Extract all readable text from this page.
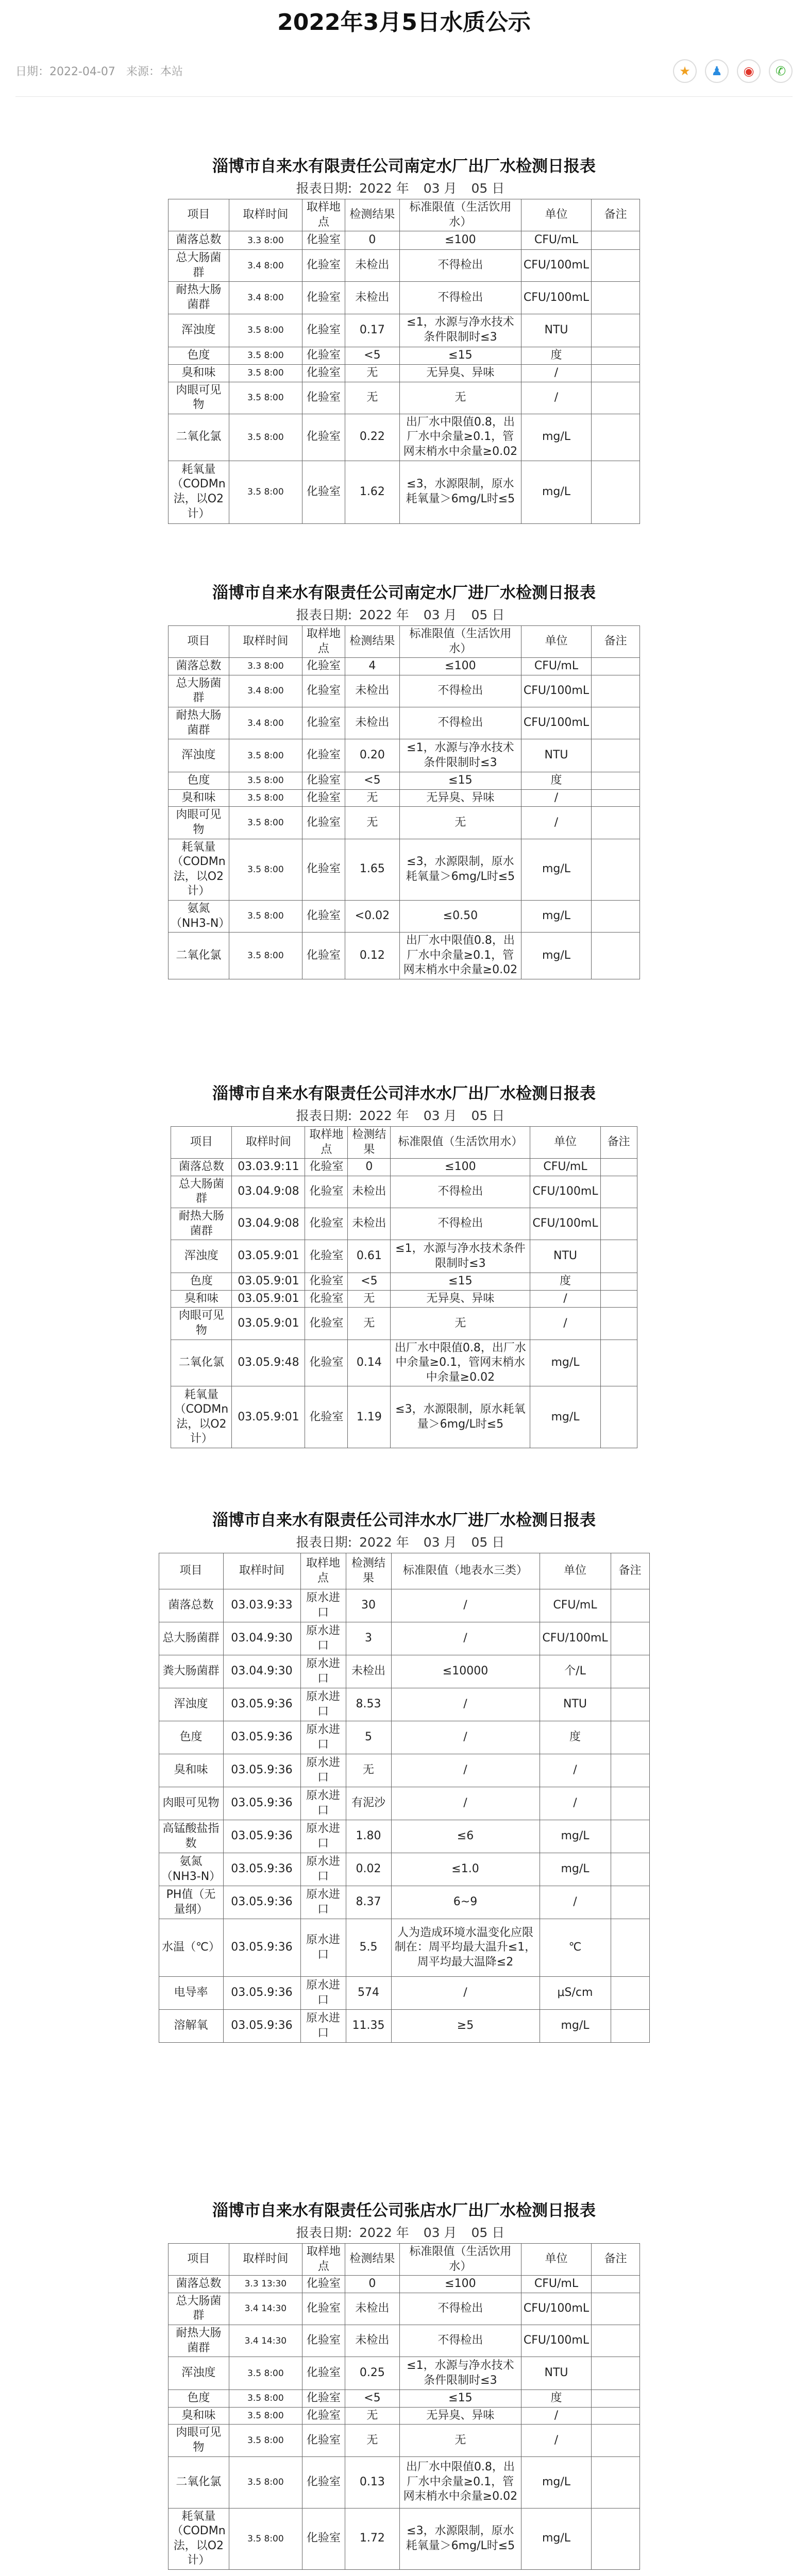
2022年3月5日水质公示
日期：2022-04-07 来源：本站	★	♟	◉	✆
淄博市自来水有限责任公司南定水厂出厂水检测日报表
报表日期: 2022 年 03 月 05 日
项目	取样时间	取样地点	检测结果	标准限值（生活饮用水）	单位	备注
菌落总数	3.3 8:00	化验室	0	≤100	CFU/mL	
总大肠菌群	3.4 8:00	化验室	未检出	不得检出	CFU/100mL	
耐热大肠菌群	3.4 8:00	化验室	未检出	不得检出	CFU/100mL	
浑浊度	3.5 8:00	化验室	0.17	≤1，水源与净水技术条件限制时≤3	NTU	
色度	3.5 8:00	化验室	<5	≤15	度	
臭和味	3.5 8:00	化验室	无	无异臭、异味	/	
肉眼可见物	3.5 8:00	化验室	无	无	/	
二氧化氯	3.5 8:00	化验室	0.22	出厂水中限值0.8，出厂水中余量≥0.1，管网末梢水中余量≥0.02	mg/L	
耗氧量（CODMn法，以O2计）	3.5 8:00	化验室	1.62	≤3，水源限制，原水耗氧量＞6mg/L时≤5	mg/L	
淄博市自来水有限责任公司南定水厂进厂水检测日报表
报表日期: 2022 年 03 月 05 日
项目	取样时间	取样地点	检测结果	标准限值（生活饮用水）	单位	备注
菌落总数	3.3 8:00	化验室	4	≤100	CFU/mL	
总大肠菌群	3.4 8:00	化验室	未检出	不得检出	CFU/100mL	
耐热大肠菌群	3.4 8:00	化验室	未检出	不得检出	CFU/100mL	
浑浊度	3.5 8:00	化验室	0.20	≤1，水源与净水技术条件限制时≤3	NTU	
色度	3.5 8:00	化验室	<5	≤15	度	
臭和味	3.5 8:00	化验室	无	无异臭、异味	/	
肉眼可见物	3.5 8:00	化验室	无	无	/	
耗氧量（CODMn法，以O2计）	3.5 8:00	化验室	1.65	≤3，水源限制，原水耗氧量＞6mg/L时≤5	mg/L	
氨氮（NH3-N）	3.5 8:00	化验室	<0.02	≤0.50	mg/L	
二氧化氯	3.5 8:00	化验室	0.12	出厂水中限值0.8，出厂水中余量≥0.1，管网末梢水中余量≥0.02	mg/L	
淄博市自来水有限责任公司沣水水厂出厂水检测日报表
报表日期: 2022 年 03 月 05 日
项目	取样时间	取样地点	检测结果	标准限值（生活饮用水）	单位	备注
菌落总数	03.03.9:11	化验室	0	≤100	CFU/mL	
总大肠菌群	03.04.9:08	化验室	未检出	不得检出	CFU/100mL	
耐热大肠菌群	03.04.9:08	化验室	未检出	不得检出	CFU/100mL	
浑浊度	03.05.9:01	化验室	0.61	≤1，水源与净水技术条件限制时≤3	NTU	
色度	03.05.9:01	化验室	<5	≤15	度	
臭和味	03.05.9:01	化验室	无	无异臭、异味	/	
肉眼可见物	03.05.9:01	化验室	无	无	/	
二氧化氯	03.05.9:48	化验室	0.14	出厂水中限值0.8，出厂水中余量≥0.1，管网末梢水中余量≥0.02	mg/L	
耗氧量（CODMn法，以O2计）	03.05.9:01	化验室	1.19	≤3，水源限制，原水耗氧量＞6mg/L时≤5	mg/L	
淄博市自来水有限责任公司沣水水厂进厂水检测日报表
报表日期: 2022 年 03 月 05 日
项目	取样时间	取样地点	检测结果	标准限值（地表水三类）	单位	备注
菌落总数	03.03.9:33	原水进口	30	/	CFU/mL	
总大肠菌群	03.04.9:30	原水进口	3	/	CFU/100mL	
粪大肠菌群	03.04.9:30	原水进口	未检出	≤10000	个/L	
浑浊度	03.05.9:36	原水进口	8.53	/	NTU	
色度	03.05.9:36	原水进口	5	/	度	
臭和味	03.05.9:36	原水进口	无	/	/	
肉眼可见物	03.05.9:36	原水进口	有泥沙	/	/	
高锰酸盐指数	03.05.9:36	原水进口	1.80	≤6	mg/L	
氨氮（NH3-N）	03.05.9:36	原水进口	0.02	≤1.0	mg/L	
PH值（无量纲）	03.05.9:36	原水进口	8.37	6~9	/	
水温（℃）	03.05.9:36	原水进口	5.5	人为造成环境水温变化应限制在：周平均最大温升≤1，周平均最大温降≤2	℃	
电导率	03.05.9:36	原水进口	574	/	μS/cm	
溶解氧	03.05.9:36	原水进口	11.35	≥5	mg/L	
淄博市自来水有限责任公司张店水厂出厂水检测日报表
报表日期: 2022 年 03 月 05 日
项目	取样时间	取样地点	检测结果	标准限值（生活饮用水）	单位	备注
菌落总数	3.3 13:30	化验室	0	≤100	CFU/mL	
总大肠菌群	3.4 14:30	化验室	未检出	不得检出	CFU/100mL	
耐热大肠菌群	3.4 14:30	化验室	未检出	不得检出	CFU/100mL	
浑浊度	3.5 8:00	化验室	0.25	≤1，水源与净水技术条件限制时≤3	NTU	
色度	3.5 8:00	化验室	<5	≤15	度	
臭和味	3.5 8:00	化验室	无	无异臭、异味	/	
肉眼可见物	3.5 8:00	化验室	无	无	/	
二氧化氯	3.5 8:00	化验室	0.13	出厂水中限值0.8，出厂水中余量≥0.1，管网末梢水中余量≥0.02	mg/L	
耗氧量（CODMn法，以O2计）	3.5 8:00	化验室	1.72	≤3，水源限制，原水耗氧量＞6mg/L时≤5	mg/L	
